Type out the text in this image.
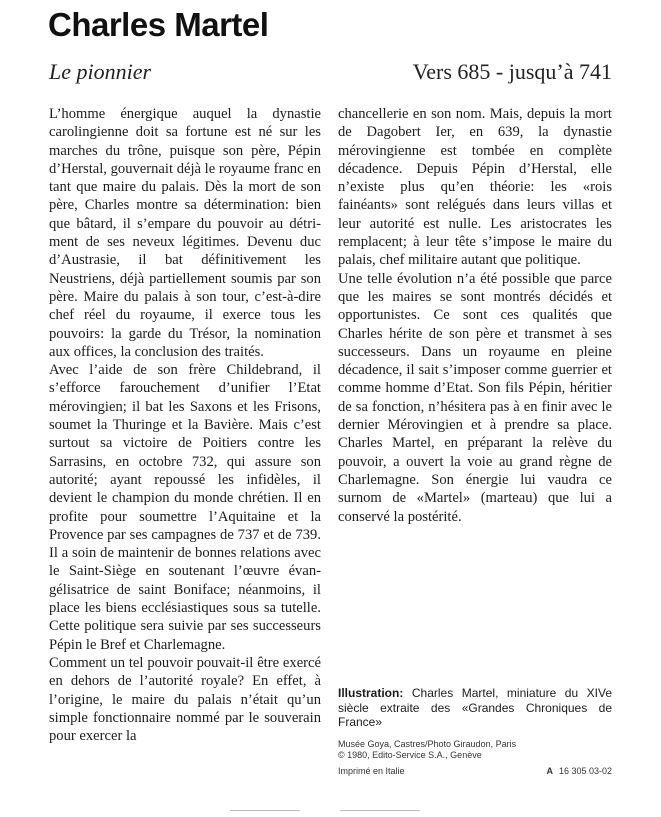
Charles Martel
Le pionnier	Vers 685 - jusqu’à 741

L’homme énergique auquel la dynastie carolingienne doit sa fortune est né sur les marches du trône, puisque son père, Pépin d’Herstal, gouvernait déjà le royaume franc en tant que maire du palais. Dès la mort de son père, Charles montre sa détermination: bien que bâtard, il s’empare du pouvoir au détriment de ses neveux légitimes. Devenu duc d’Austrasie, il bat définitivement les Neustriens, déjà partiellement soumis par son père. Maire du palais à son tour, c’est-à-dire chef réel du royaume, il exerce tous les pouvoirs: la garde du Trésor, la nomination aux offices, la conclusion des traités.

Avec l’aide de son frère Childebrand, il s’efforce farouchement d’unifier l’Etat mérovingien; il bat les Saxons et les Frisons, soumet la Thuringe et la Bavière. Mais c’est surtout sa victoire de Poitiers contre les Sarrasins, en octobre 732, qui assure son autorité; ayant repoussé les infidèles, il devient le champion du monde chrétien. Il en profite pour soumettre l’Aquitaine et la Provence par ses campagnes de 737 et de 739. Il a soin de maintenir de bonnes relations avec le Saint-Siège en soutenant l’œuvre évangélisatrice de saint Boniface; néanmoins, il place les biens ecclésiastiques sous sa tutelle. Cette politique sera suivie par ses successeurs Pépin le Bref et Charlemagne.

Comment un tel pouvoir pouvait-il être exercé en dehors de l’autorité royale? En effet, à l’origine, le maire du palais n’était qu’un simple fonctionnaire nommé par le souverain pour exercer la

chancellerie en son nom. Mais, depuis la mort de Dagobert Ier, en 639, la dynastie mérovingienne est tombée en complète décadence. Depuis Pépin d’Herstal, elle n’existe plus qu’en théorie: les «rois fainéants» sont relégués dans leurs villas et leur autorité est nulle. Les aristocrates les remplacent; à leur tête s’impose le maire du palais, chef militaire autant que politique.

Une telle évolution n’a été possible que parce que les maires se sont montrés décidés et opportunistes. Ce sont ces qualités que Charles hérite de son père et transmet à ses successeurs. Dans un royaume en pleine décadence, il sait s’imposer comme guerrier et comme homme d’Etat. Son fils Pépin, héritier de sa fonction, n’hésitera pas à en finir avec le dernier Mérovingien et à prendre sa place. Charles Martel, en préparant la relève du pouvoir, a ouvert la voie au grand règne de Charlemagne. Son énergie lui vaudra ce surnom de «Martel» (marteau) que lui a conservé la postérité.

Illustration: Charles Martel, miniature du XIVe siècle extraite des «Grandes Chroniques de France»
Musée Goya, Castres/Photo Giraudon, Paris
© 1980, Edito-Service S.A., Genève
Imprimé en Italie	A 16 305 03-02
